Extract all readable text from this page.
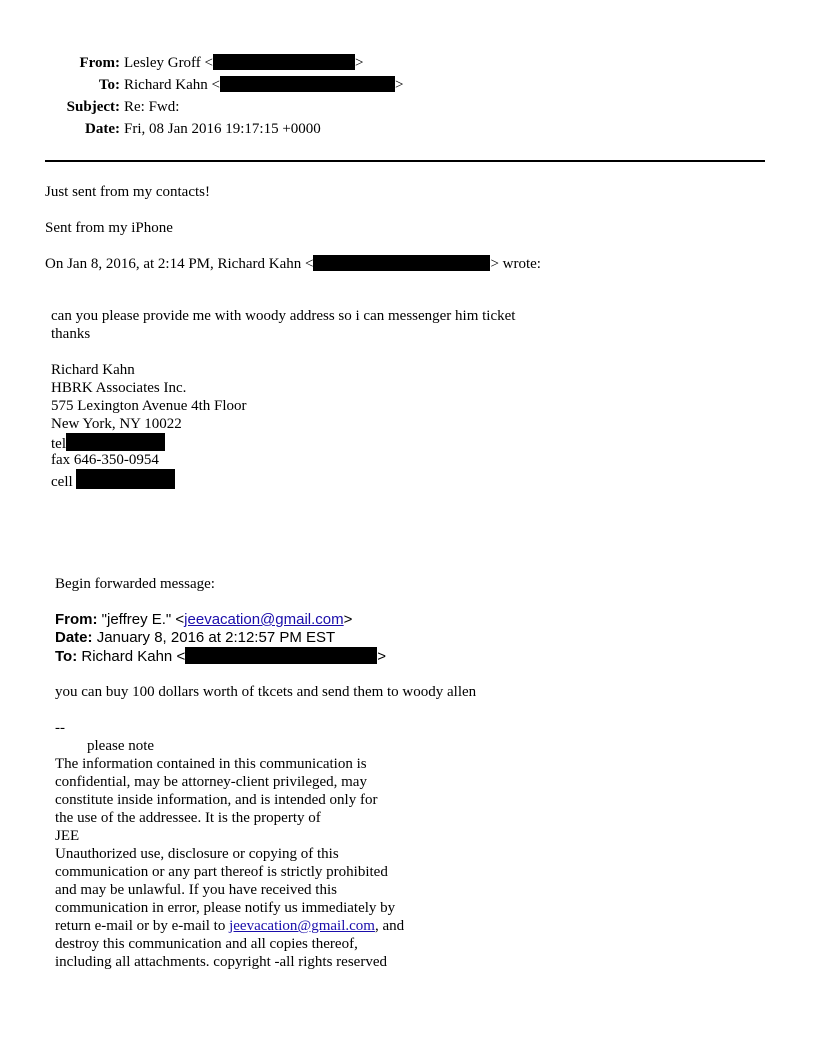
From: Lesley Groff <	>
To: Richard Kahn <	>
Subject: Re: Fwd:
Date: Fri, 08 Jan 2016 19:17:15 +0000
Just sent from my contacts!
Sent from my iPhone
On Jan 8, 2016, at 2:14 PM, Richard Kahn <	> wrote:
can you please provide me with woody address so i can messenger him ticket
thanks
Richard Kahn
HBRK Associates Inc.
575 Lexington Avenue 4th Floor
New York, NY 10022
tel
fax 646-350-0954
cell
Begin forwarded message:
From: "jeffrey E." <jeevacation@gmail.com>
Date: January 8, 2016 at 2:12:57 PM EST
To: Richard Kahn <	>
you can buy 100 dollars worth of tkcets and send them to woody allen
--
please note
The information contained in this communication is
confidential, may be attorney-client privileged, may
constitute inside information, and is intended only for
the use of the addressee. It is the property of
JEE
Unauthorized use, disclosure or copying of this
communication or any part thereof is strictly prohibited
and may be unlawful. If you have received this
communication in error, please notify us immediately by
return e-mail or by e-mail to jeevacation@gmail.com, and
destroy this communication and all copies thereof,
including all attachments. copyright -all rights reserved
